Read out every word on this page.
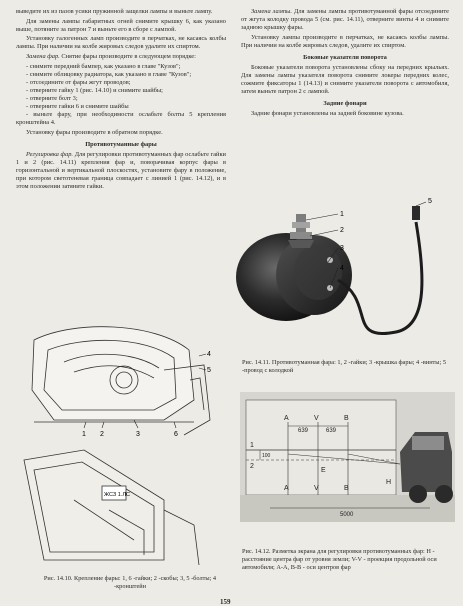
выведите их из пазов усики пружинной защелки лампы и выньте лампу.

Для замены лампы габаритных огней снимите крышку 6, как указано выше, потяните за патрон 7 и выньте его в сборе с лампой.

Установку галогенных ламп производите в перчатках, не касаясь колбы лампы. При наличии на колбе жировых следов удалите их спиртом.

Замена фар. Снятие фары производите в следующем порядке:

- снимите передний бампер, как указано в главе "Кузов";
- снимите облицовку радиатора, как указано в главе "Кузов";
- отсоедините от фары жгут проводов;
- отверните гайку 1 (рис. 14.10) и снимите шайбы;
- отверните болт 3;
- отверните гайки 6 и снимите шайбы
- выньте фару, при необходимости ослабьте болты 5 крепления кронштейна 4.

Установку фары производите в обратном порядке.

Противотуманные фары

Регулировка фар. Для регулировки противотуманных фар ослабьте гайки 1 и 2 (рис. 14.11) крепления фар и, поворачивая корпус фары в горизонтальной и вертикальной плоскостях, установите фару в положение, при котором светотеневая граница совпадает с линией 1 (рис. 14.12), и в этом положении затяните гайки.

Замена лампы. Для замены лампы противотуманной фары отсоедините от жгута колодку провода 5 (см. рис. 14.11), отверните винты 4 и снимите заднюю крышку фары.

Установку лампы производите в перчатках, не касаясь колбы лампы. При наличии на колбе жировых следов, удалите их спиртом.

Боковые указатели поворота

Боковые указатели поворота установлены сбоку на передних крыльях. Для замены лампы указателя поворота снимите локеры передних колес, сожмите фиксаторы 1 (14.13) и снимите указатели поворота с автомобиля, затем выньте патрон 2 с лампой.

Задние фонари

Задние фонари установлены на задней боковине кузова.

1
2
3
4
5
Рис. 14.11. Противотуманная фара: 1, 2 -гайки; 3 -крышка фары; 4 -винты; 5 -провод с колодкой
4
5
1 2	3	6
ЖСЗ 1.ЛС
Рис. 14.10. Крепление фары: 1, 6 -гайки; 2 -скобы; 3, 5 -болты; 4 -кронштейн
A
A
B
B
E
V
V
H
1
2
639	639
5000
100
Рис. 14.12. Разметка экрана для регулировки противотуманных фар: Н - расстояние центра фар от уровня земли; V-V - проекция продольной оси автомобиля; А-А, В-В - оси центров фар
159
